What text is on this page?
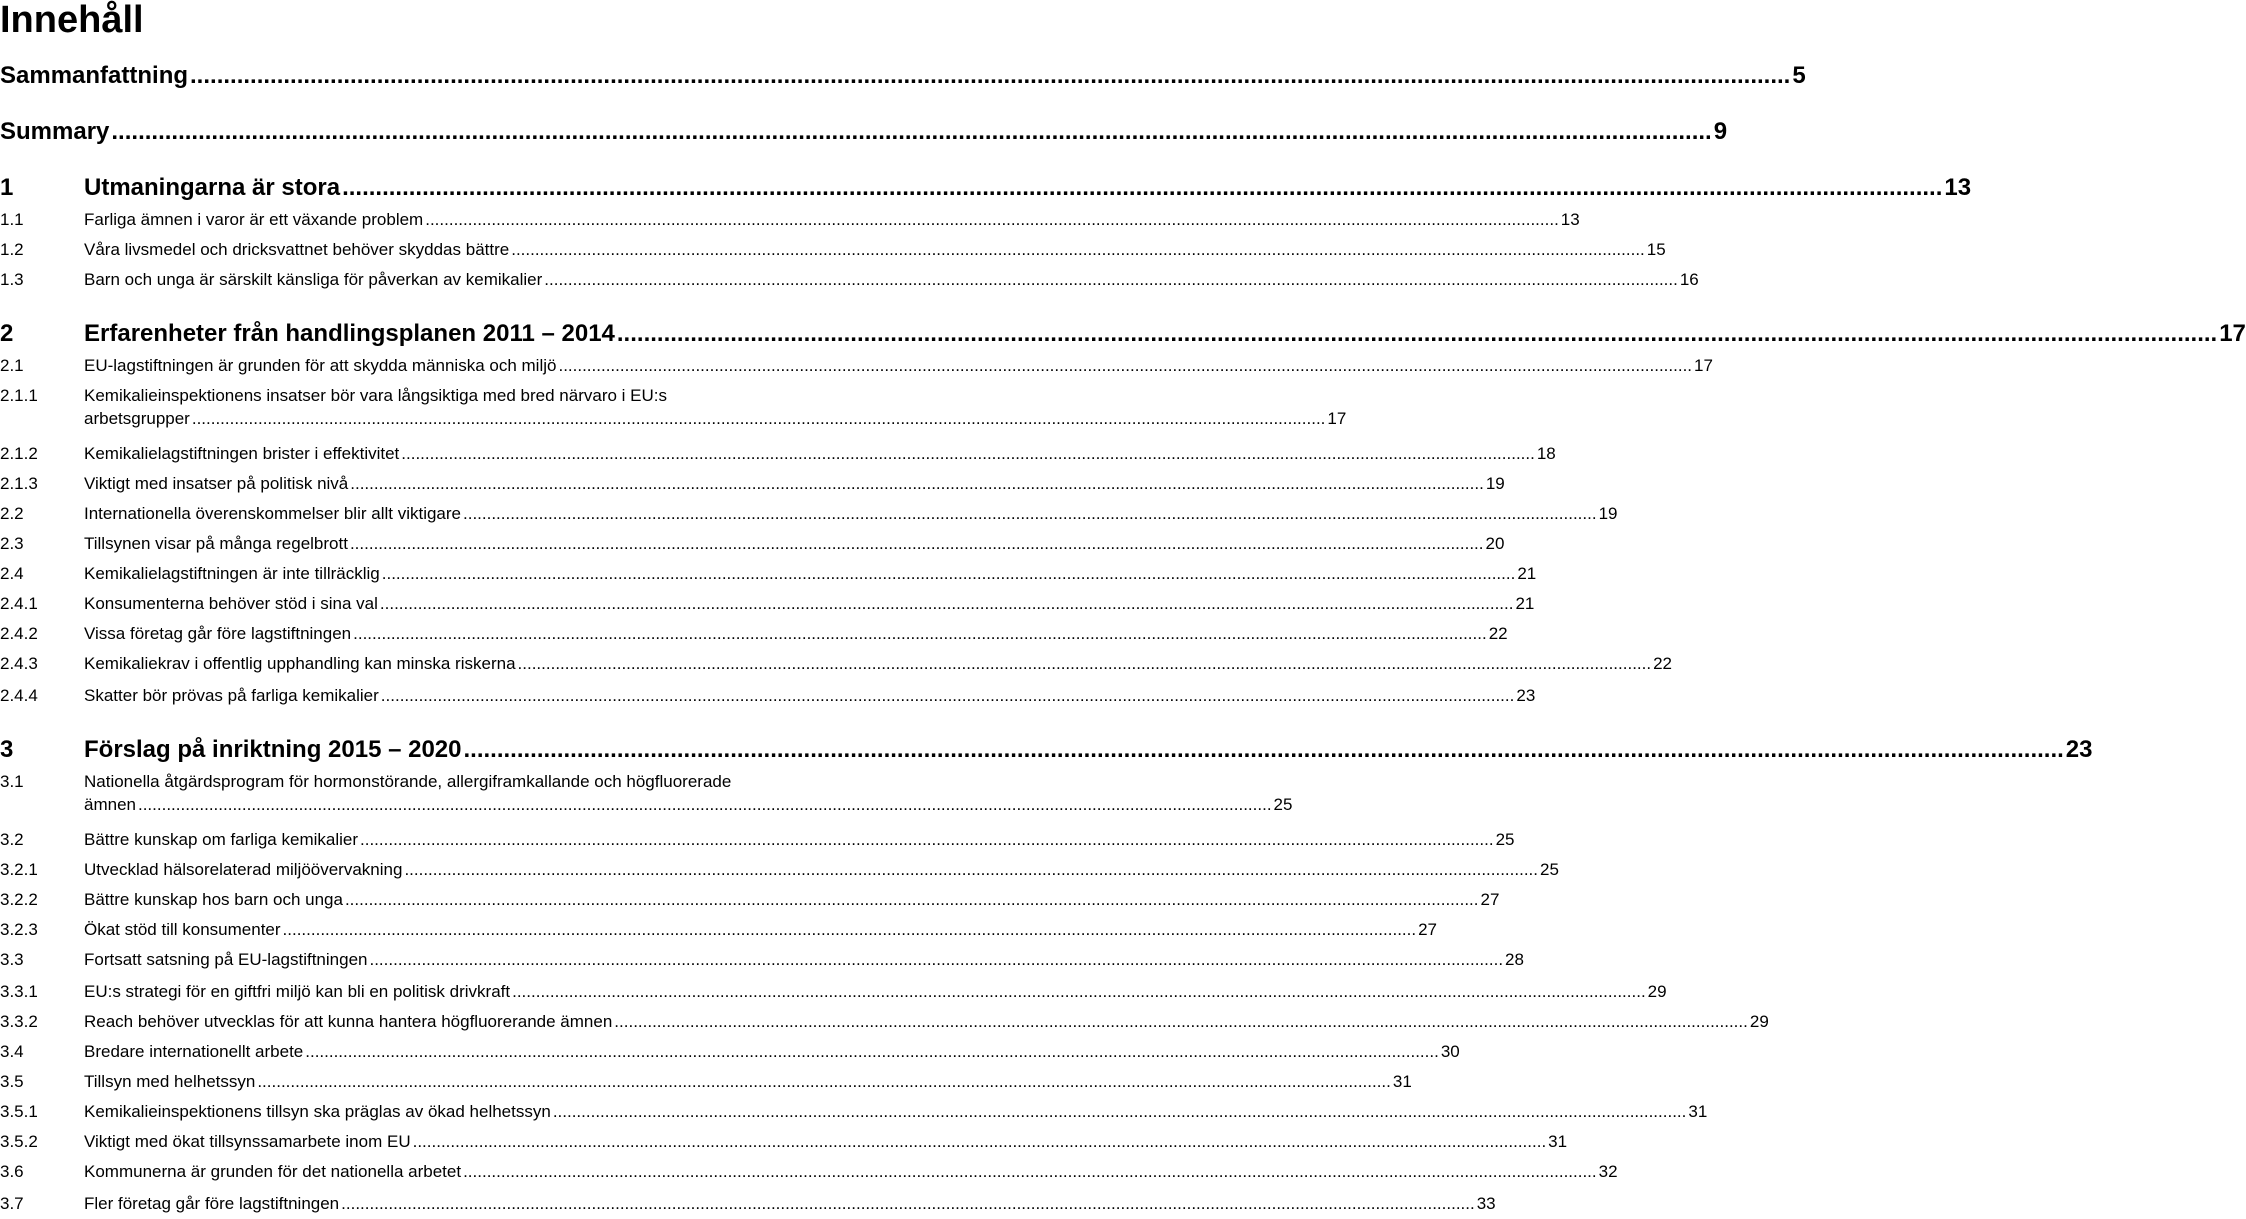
Innehåll
Sammanfattning ................................................................................................................................................................................................................................................ 5
Summary ................................................................................................................................................................................................................................................ 9
1	Utmaningarna är stora ................................................................................................................................................................................................................................................ 13
1.1	Farliga ämnen i varor är ett växande problem ................................................................................................................................................................................................................................................ 13
1.2	Våra livsmedel och dricksvattnet behöver skyddas bättre ................................................................................................................................................................................................................................................ 15
1.3	Barn och unga är särskilt känsliga för påverkan av kemikalier ................................................................................................................................................................................................................................................ 16
2	Erfarenheter från handlingsplanen 2011 – 2014 ................................................................................................................................................................................................................................................ 17
2.1	EU-lagstiftningen är grunden för att skydda människa och miljö ................................................................................................................................................................................................................................................ 17
2.1.1	Kemikalieinspektionens insatser bör vara långsiktiga med bred närvaro i EU:s
arbetsgrupper ................................................................................................................................................................................................................................................ 17
2.1.2	Kemikalielagstiftningen brister i effektivitet ................................................................................................................................................................................................................................................ 18
2.1.3	Viktigt med insatser på politisk nivå ................................................................................................................................................................................................................................................ 19
2.2	Internationella överenskommelser blir allt viktigare ................................................................................................................................................................................................................................................ 19
2.3	Tillsynen visar på många regelbrott ................................................................................................................................................................................................................................................ 20
2.4	Kemikalielagstiftningen är inte tillräcklig ................................................................................................................................................................................................................................................ 21
2.4.1	Konsumenterna behöver stöd i sina val ................................................................................................................................................................................................................................................ 21
2.4.2	Vissa företag går före lagstiftningen ................................................................................................................................................................................................................................................ 22
2.4.3	Kemikaliekrav i offentlig upphandling kan minska riskerna ................................................................................................................................................................................................................................................ 22
2.4.4	Skatter bör prövas på farliga kemikalier ................................................................................................................................................................................................................................................ 23
3	Förslag på inriktning 2015 – 2020 ................................................................................................................................................................................................................................................ 23
3.1	Nationella åtgärdsprogram för hormonstörande, allergiframkallande och högfluorerade
ämnen ................................................................................................................................................................................................................................................ 25
3.2	Bättre kunskap om farliga kemikalier ................................................................................................................................................................................................................................................ 25
3.2.1	Utvecklad hälsorelaterad miljöövervakning ................................................................................................................................................................................................................................................ 25
3.2.2	Bättre kunskap hos barn och unga ................................................................................................................................................................................................................................................ 27
3.2.3	Ökat stöd till konsumenter ................................................................................................................................................................................................................................................ 27
3.3	Fortsatt satsning på EU-lagstiftningen ................................................................................................................................................................................................................................................ 28
3.3.1	EU:s strategi för en giftfri miljö kan bli en politisk drivkraft ................................................................................................................................................................................................................................................ 29
3.3.2	Reach behöver utvecklas för att kunna hantera högfluorerande ämnen ................................................................................................................................................................................................................................................ 29
3.4	Bredare internationellt arbete ................................................................................................................................................................................................................................................ 30
3.5	Tillsyn med helhetssyn ................................................................................................................................................................................................................................................ 31
3.5.1	Kemikalieinspektionens tillsyn ska präglas av ökad helhetssyn ................................................................................................................................................................................................................................................ 31
3.5.2	Viktigt med ökat tillsynssamarbete inom EU ................................................................................................................................................................................................................................................ 31
3.6	Kommunerna är grunden för det nationella arbetet ................................................................................................................................................................................................................................................ 32
3.7	Fler företag går före lagstiftningen ................................................................................................................................................................................................................................................ 33
